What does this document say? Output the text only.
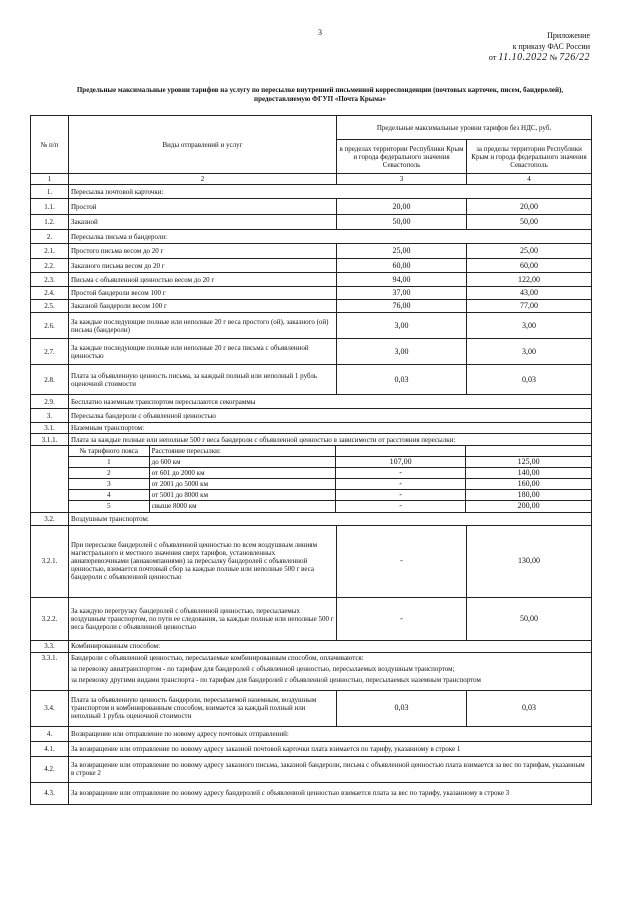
3	Приложение
к приказу ФАС России
от 11.10.2022 № 726/22
Предельные максимальные уровни тарифов на услугу по пересылке внутренней письменной корреспонденции (почтовых карточек, писем, бандеролей),
предоставляемую ФГУП «Почта Крыма»
№ п/п	Виды отправлений и услуг	Предельные максимальные уровни тарифов без НДС, руб.
в пределах территории Республики Крым и города федерального значения Севастополь	за пределы территории Республики Крым и города федерального значения Севастополь
1	2	3	4
1.	Пересылка почтовой карточки:
1.1.	Простой	20,00	20,00
1.2.	Заказной	50,00	50,00
2.	Пересылка письма и бандероли:
2.1.	Простого письма весом до 20 г	25,00	25,00
2.2.	Заказного письма весом до 20 г	60,00	60,00
2.3.	Письма с объявленной ценностью весом до 20 г	94,00	122,00
2.4.	Простой бандероли весом 100 г	37,00	43,00
2.5.	Заказной бандероли весом 100 г	76,00	77,00
2.6.	За каждые последующие полные или неполные 20 г веса простого (ой), заказного (ой) письма (бандероли)	3,00	3,00
2.7.	За каждые последующие полные или неполные 20 г веса письма с объявленной ценностью	3,00	3,00
2.8.	Плата за объявленную ценность письма, за каждый полный или неполный 1 рубль оценочной стоимости	0,03	0,03
2.9.	Бесплатно наземным транспортом пересылаются секограммы
3.	Пересылка бандероли с объявленной ценностью
3.1.	Наземным транспортом:
3.1.1.	Плата за каждые полные или неполные 500 г веса бандероли с объявленной ценностью в зависимости от расстояния пересылки:

№ тарифного пояса	Расстояние пересылки:		
1	до 600 км	107,00	125,00
2	от 601 до 2000 км	-	140,00
3	от 2001 до 5000 км	-	160,00
4	от 5001 до 8000 км	-	180,00
5	свыше 8000 км	-	200,00

3.2.	Воздушным транспортом:
3.2.1.	При пересылке бандеролей с объявленной ценностью по всем воздушным линиям магистрального и местного значения сверх тарифов, установленных авиаперевозчиками (авиакомпаниями) за пересылку бандеролей с объявленной ценностью, взимается почтовый сбор за каждые полные или неполные 500 г веса бандероли с объявленной ценностью	-	130,00
3.2.2.	За каждую перегрузку бандеролей с объявленной ценностью, пересылаемых воздушным транспортом, по пути ее следования, за каждые полные или неполные 500 г веса бандероли с объявленной ценностью	-	50,00
3.3.	Комбинированным способом:
3.3.1.	Бандероли с объявленной ценностью, пересылаемые комбинированным способом, оплачиваются:
за перевозку авиатранспортом - по тарифам для бандеролей с объявленной ценностью, пересылаемых воздушным транспортом;
за перевозку другими видами транспорта - по тарифам для бандеролей с объявленной ценностью, пересылаемых наземным транспортом

3.4.	Плата за объявленную ценность бандероли, пересылаемой наземным, воздушным транспортом и комбинированным способом, взимается за каждый полный или неполный 1 рубль оценочной стоимости	0,03	0,03
4.	Возвращение или отправление по новому адресу почтовых отправлений:
4.1.	За возвращение или отправление по новому адресу заказной почтовой карточки плата взимается по тарифу, указанному в строке 1
4.2.	За возвращение или отправление по новому адресу заказного письма, заказной бандероли, письма с объявленной ценностью плата взимается за вес по тарифам, указанным в строке 2
4.3.	За возвращение или отправление по новому адресу бандеролей с объявленной ценностью взимается плата за вес по тарифу, указанному в строке 3
